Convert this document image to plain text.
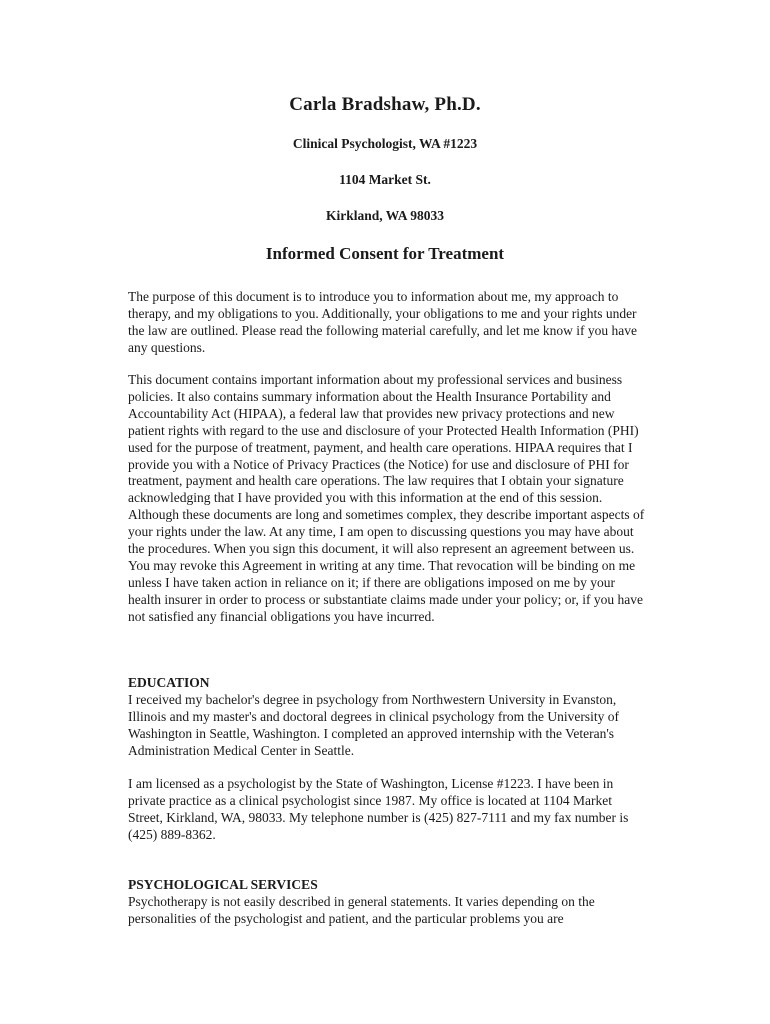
Carla Bradshaw, Ph.D.
Clinical Psychologist, WA #1223
1104 Market St.
Kirkland, WA 98033
Informed Consent for Treatment

The purpose of this document is to introduce you to information about me, my approach to therapy, and my obligations to you. Additionally, your obligations to me and your rights under the law are outlined. Please read the following material carefully, and let me know if you have any questions.

This document contains important information about my professional services and business policies. It also contains summary information about the Health Insurance Portability and Accountability Act (HIPAA), a federal law that provides new privacy protections and new patient rights with regard to the use and disclosure of your Protected Health Information (PHI) used for the purpose of treatment, payment, and health care operations. HIPAA requires that I provide you with a Notice of Privacy Practices (the Notice) for use and disclosure of PHI for treatment, payment and health care operations. The law requires that I obtain your signature acknowledging that I have provided you with this information at the end of this session. Although these documents are long and sometimes complex, they describe important aspects of your rights under the law. At any time, I am open to discussing questions you may have about the procedures. When you sign this document, it will also represent an agreement between us. You may revoke this Agreement in writing at any time. That revocation will be binding on me unless I have taken action in reliance on it; if there are obligations imposed on me by your health insurer in order to process or substantiate claims made under your policy; or, if you have not satisfied any financial obligations you have incurred.

EDUCATION

I received my bachelor's degree in psychology from Northwestern University in Evanston, Illinois and my master's and doctoral degrees in clinical psychology from the University of Washington in Seattle, Washington. I completed an approved internship with the Veteran's Administration Medical Center in Seattle.

I am licensed as a psychologist by the State of Washington, License #1223. I have been in private practice as a clinical psychologist since 1987. My office is located at 1104 Market Street, Kirkland, WA, 98033. My telephone number is (425) 827-7111 and my fax number is (425) 889-8362.

PSYCHOLOGICAL SERVICES

Psychotherapy is not easily described in general statements. It varies depending on the personalities of the psychologist and patient, and the particular problems you are
